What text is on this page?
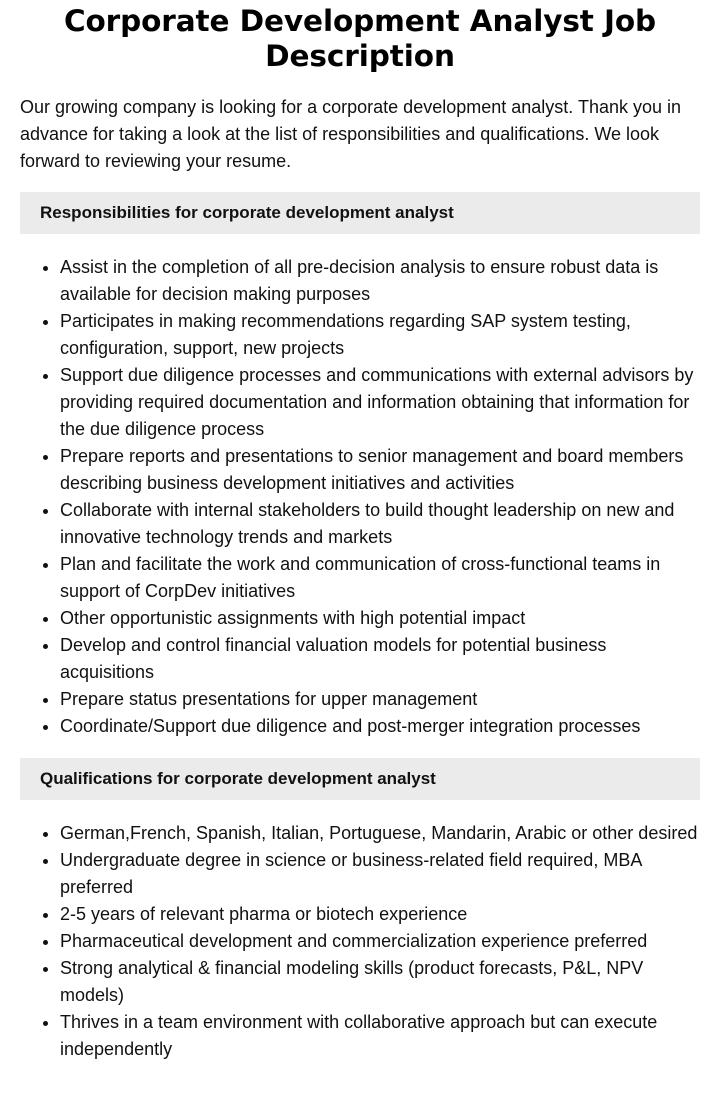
Corporate Development Analyst Job Description

Our growing company is looking for a corporate development analyst. Thank you in advance for taking a look at the list of responsibilities and qualifications. We look forward to reviewing your resume.

Responsibilities for corporate development analyst
• Assist in the completion of all pre-decision analysis to ensure robust data is available for decision making purposes
• Participates in making recommendations regarding SAP system testing, configuration, support, new projects
• Support due diligence processes and communications with external advisors by providing required documentation and information obtaining that information for the due diligence process
• Prepare reports and presentations to senior management and board members describing business development initiatives and activities
• Collaborate with internal stakeholders to build thought leadership on new and innovative technology trends and markets
• Plan and facilitate the work and communication of cross-functional teams in support of CorpDev initiatives
• Other opportunistic assignments with high potential impact
• Develop and control financial valuation models for potential business acquisitions
• Prepare status presentations for upper management
• Coordinate/Support due diligence and post-merger integration processes
Qualifications for corporate development analyst
• German,French, Spanish, Italian, Portuguese, Mandarin, Arabic or other desired
• Undergraduate degree in science or business-related field required, MBA preferred
• 2-5 years of relevant pharma or biotech experience
• Pharmaceutical development and commercialization experience preferred
• Strong analytical & financial modeling skills (product forecasts, P&L, NPV models)
• Thrives in a team environment with collaborative approach but can execute independently
